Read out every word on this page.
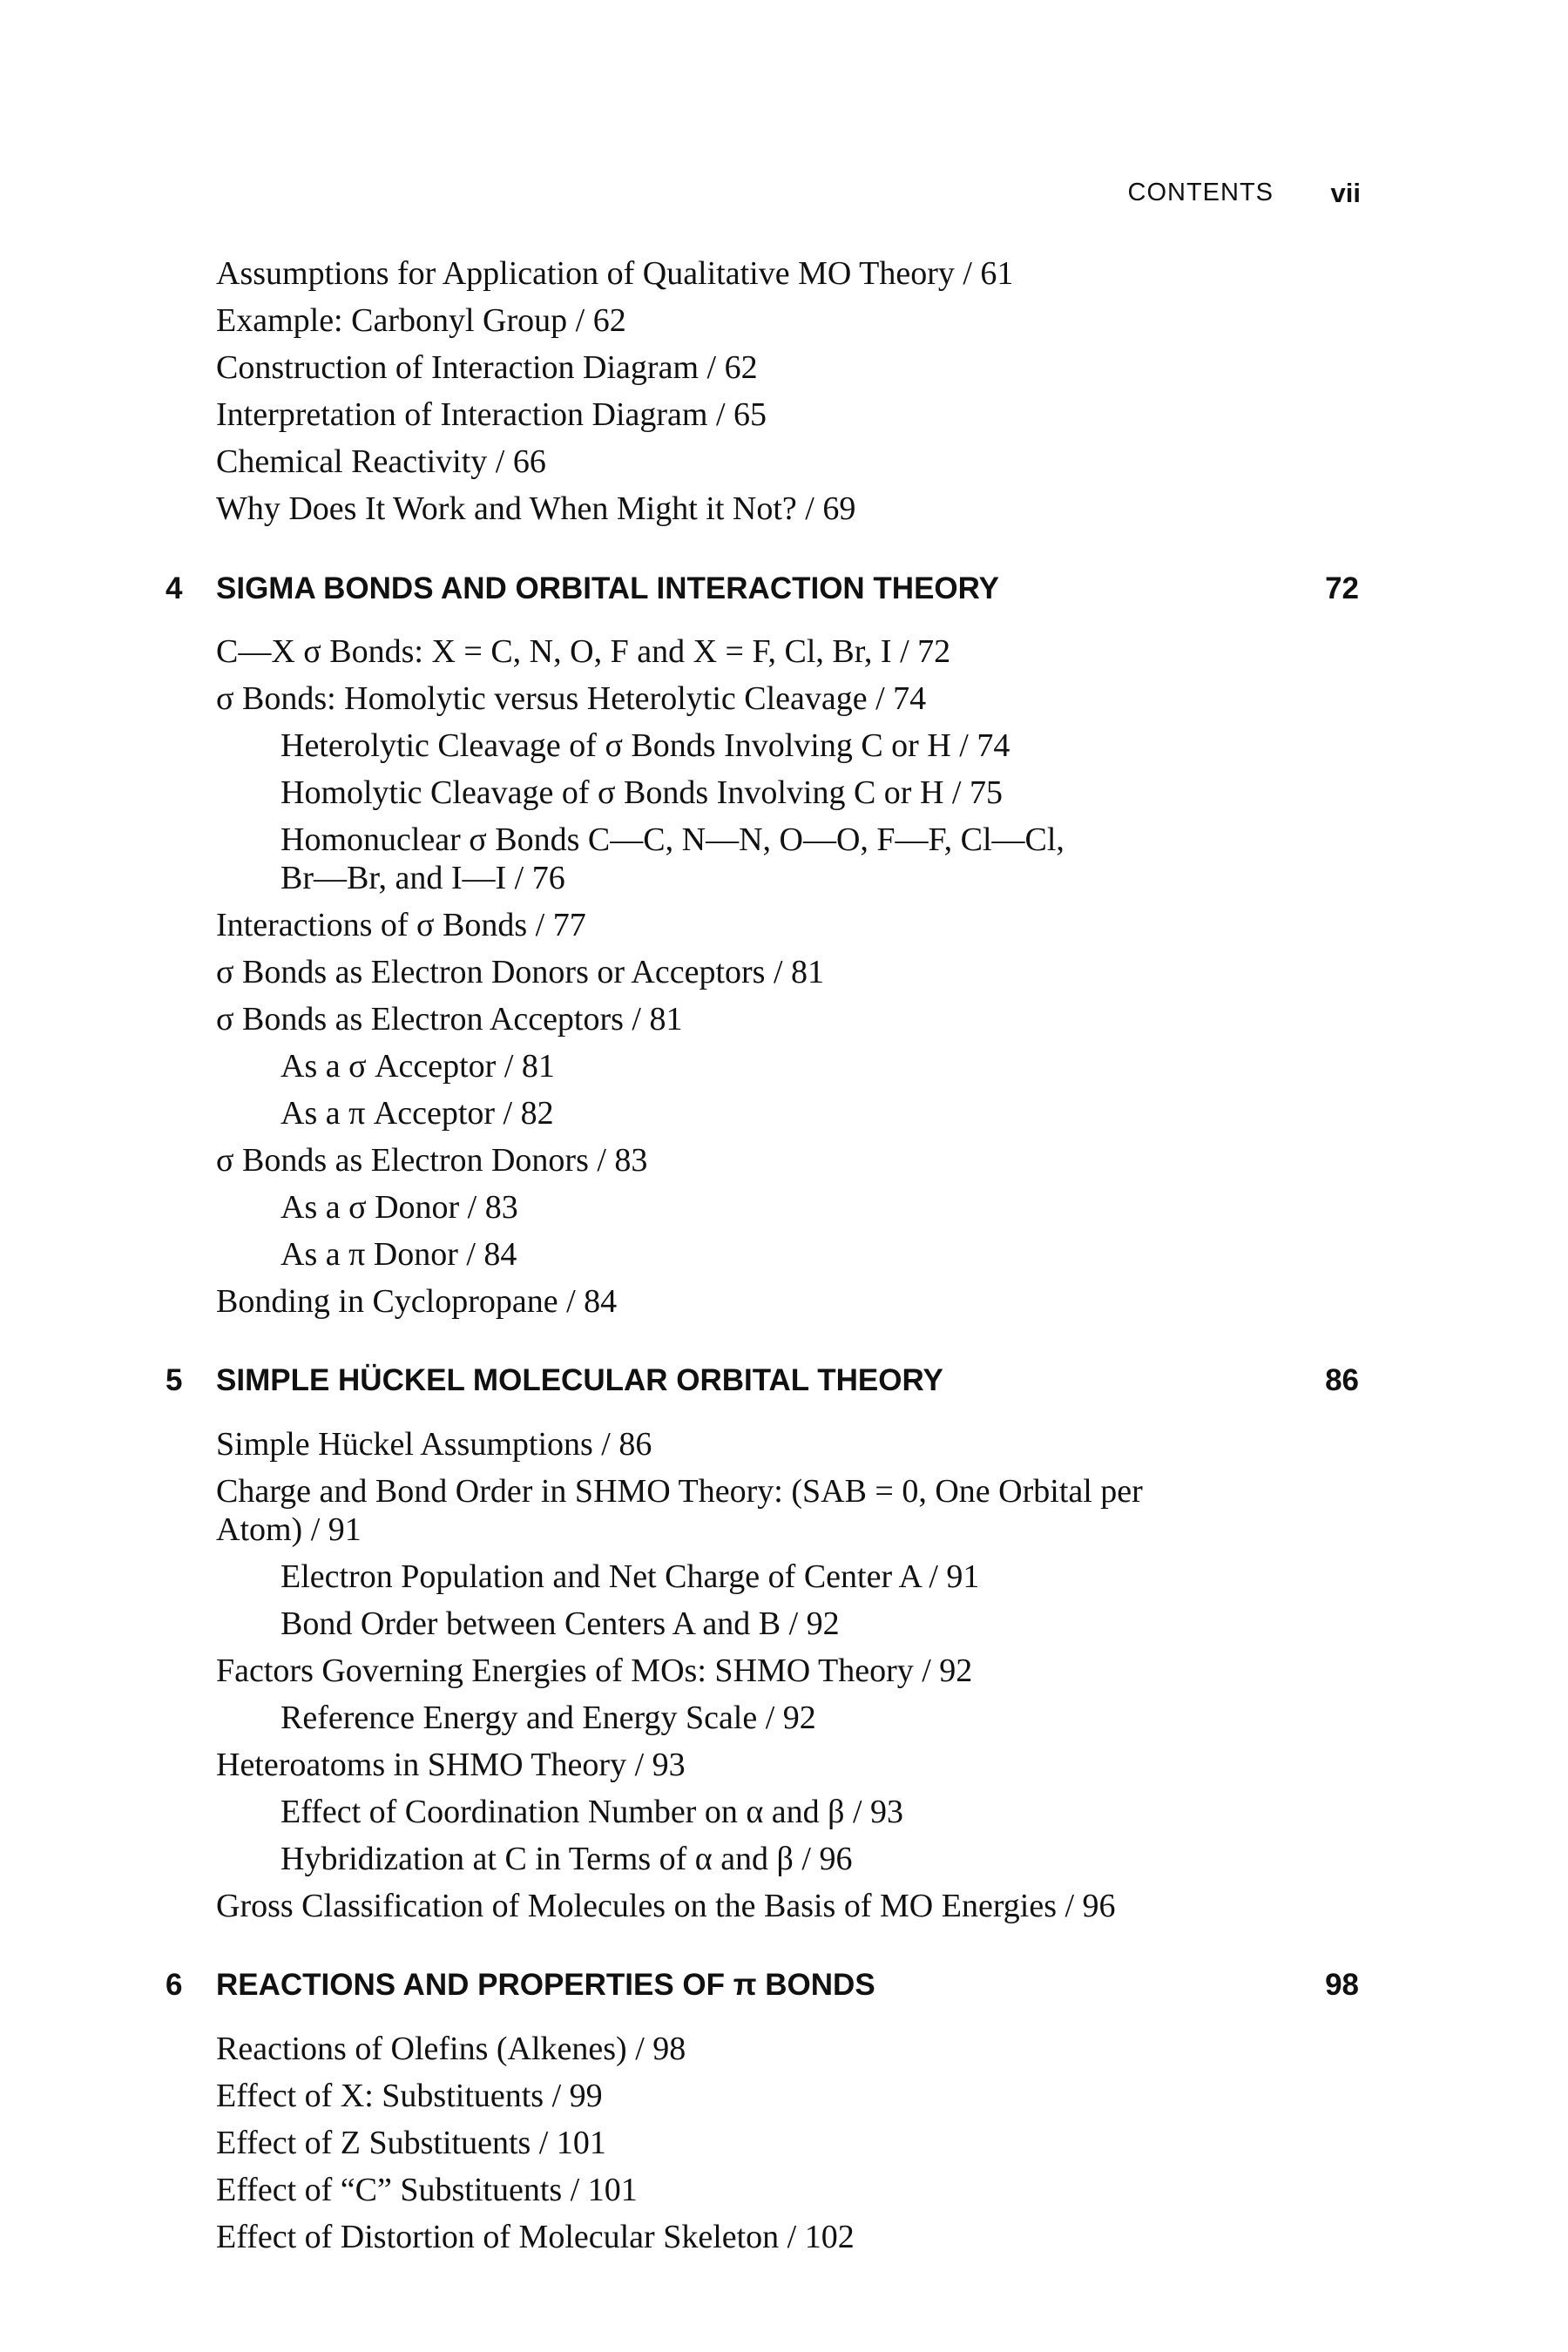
CONTENTS vii
Assumptions for Application of Qualitative MO Theory / 61
Example: Carbonyl Group / 62
Construction of Interaction Diagram / 62
Interpretation of Interaction Diagram / 65
Chemical Reactivity / 66
Why Does It Work and When Might it Not? / 69
4 SIGMA BONDS AND ORBITAL INTERACTION THEORY	72
C—X σ Bonds: X = C, N, O, F and X = F, Cl, Br, I / 72
σ Bonds: Homolytic versus Heterolytic Cleavage / 74
Heterolytic Cleavage of σ Bonds Involving C or H / 74
Homolytic Cleavage of σ Bonds Involving C or H / 75
Homonuclear σ Bonds C—C, N—N, O—O, F—F, Cl—Cl,
Br—Br, and I—I / 76
Interactions of σ Bonds / 77
σ Bonds as Electron Donors or Acceptors / 81
σ Bonds as Electron Acceptors / 81
As a σ Acceptor / 81
As a π Acceptor / 82
σ Bonds as Electron Donors / 83
As a σ Donor / 83
As a π Donor / 84
Bonding in Cyclopropane / 84
5 SIMPLE HÜCKEL MOLECULAR ORBITAL THEORY	86
Simple Hückel Assumptions / 86
Charge and Bond Order in SHMO Theory: (SAB = 0, One Orbital per
Atom) / 91
Electron Population and Net Charge of Center A / 91
Bond Order between Centers A and B / 92
Factors Governing Energies of MOs: SHMO Theory / 92
Reference Energy and Energy Scale / 92
Heteroatoms in SHMO Theory / 93
Effect of Coordination Number on α and β / 93
Hybridization at C in Terms of α and β / 96
Gross Classification of Molecules on the Basis of MO Energies / 96
6 REACTIONS AND PROPERTIES OF π BONDS	98
Reactions of Olefins (Alkenes) / 98
Effect of X: Substituents / 99
Effect of Z Substituents / 101
Effect of “C” Substituents / 101
Effect of Distortion of Molecular Skeleton / 102
